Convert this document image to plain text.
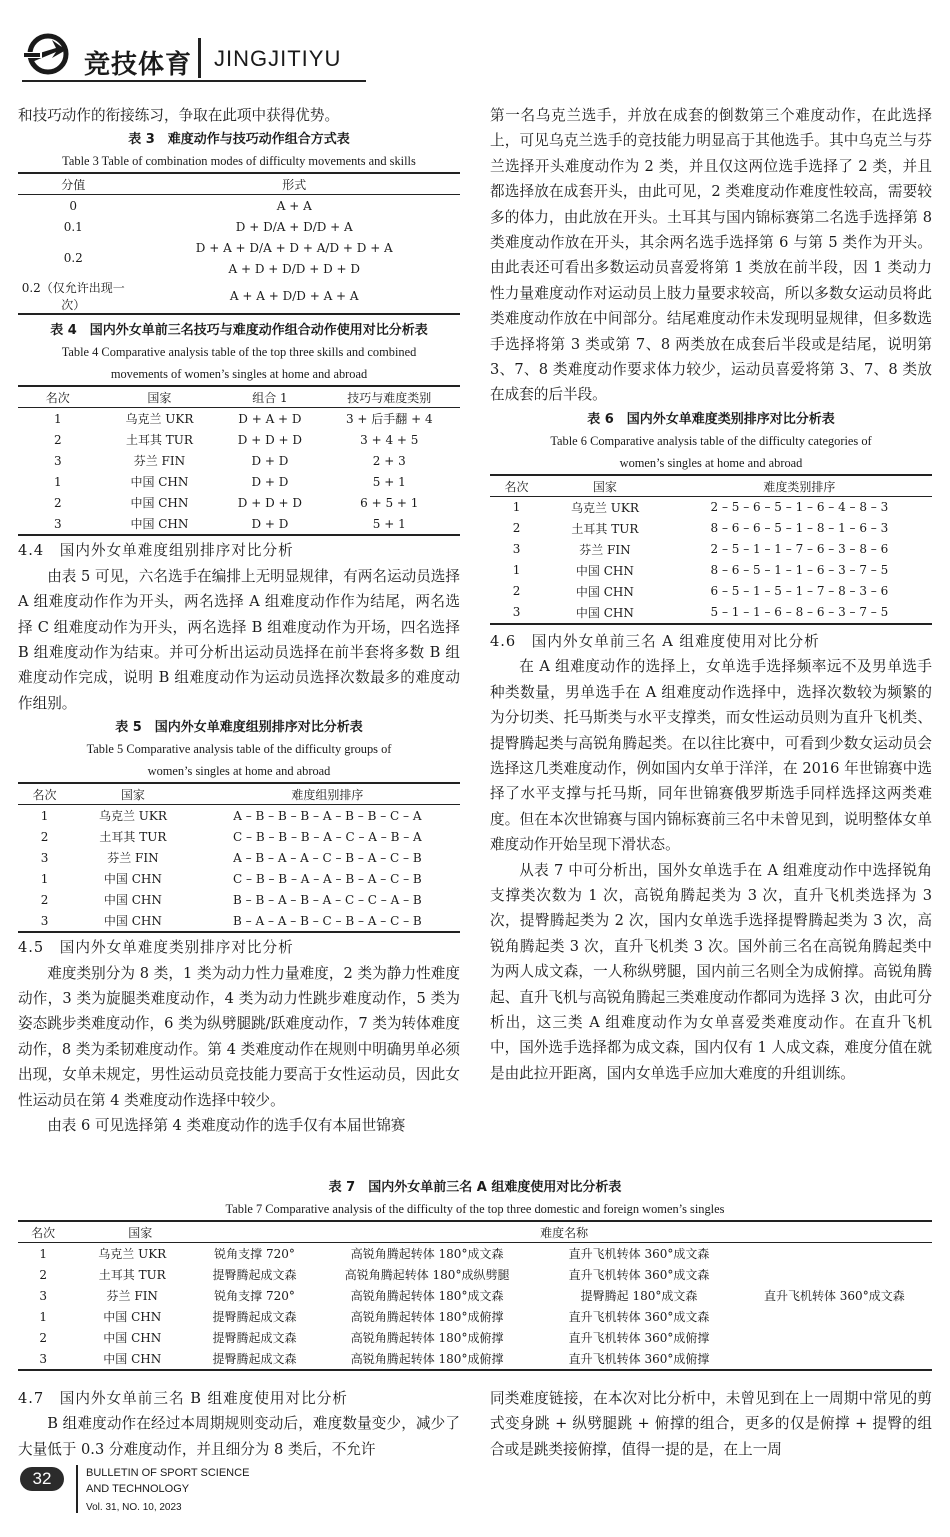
竞技体育 JINGJITIYU

和技巧动作的衔接练习，争取在此项中获得优势。

表 3　难度动作与技巧动作组合方式表

Table 3 Table of combination modes of difficulty movements and skills

分值	形式
0	A + A
0.1	D + D/A + D/D + A
0.2	D + A + D/A + D + A/D + D + A
	A + D + D/D + D + D
0.2（仅允许出现一次）	A + A + D/D + A + A

表 4　国内外女单前三名技巧与难度动作组合动作使用对比分析表

Table 4 Comparative analysis table of the top three skills and combined

movements of women’s singles at home and abroad

名次	国家	组合 1	技巧与难度类别
1	乌克兰 UKR	D + A + D	3 + 后手翻 + 4
2	土耳其 TUR	D + D + D	3 + 4 + 5
3	芬兰 FIN	D + D	2 + 3
1	中国 CHN	D + D	5 + 1
2	中国 CHN	D + D + D	6 + 5 + 1
3	中国 CHN	D + D	5 + 1

4.4　国内外女单难度组别排序对比分析

由表 5 可见，六名选手在编排上无明显规律，有两名运动员选择 A 组难度动作作为开头，两名选择 A 组难度动作作为结尾，两名选择 C 组难度动作为开头，两名选择 B 组难度动作为开场，四名选择 B 组难度动作为结束。并可分析出运动员选择在前半套将多数 B 组难度动作完成，说明 B 组难度动作为运动员选择次数最多的难度动作组别。

表 5　国内外女单难度组别排序对比分析表

Table 5 Comparative analysis table of the difficulty groups of

women’s singles at home and abroad

名次	国家	难度组别排序
1	乌克兰 UKR	A – B – B – B – A – B – B – C – A
2	土耳其 TUR	C – B – B – B – A – C – A – B – A
3	芬兰 FIN	A – B – A – A – C – B – A – C – B
1	中国 CHN	C – B – B – A – A – B – A – C – B
2	中国 CHN	B – B – A – B – A – C – C – A – B
3	中国 CHN	B – A – A – B – C – B – A – C – B

4.5　国内外女单难度类别排序对比分析

难度类别分为 8 类，1 类为动力性力量难度，2 类为静力性难度动作，3 类为旋腿类难度动作，4 类为动力性跳步难度动作，5 类为姿态跳步类难度动作，6 类为纵劈腿跳/跃难度动作，7 类为转体难度动作，8 类为柔韧难度动作。第 4 类难度动作在规则中明确男单必须出现，女单未规定，男性运动员竞技能力要高于女性运动员，因此女性运动员在第 4 类难度动作选择中较少。

由表 6 可见选择第 4 类难度动作的选手仅有本届世锦赛

第一名乌克兰选手，并放在成套的倒数第三个难度动作，在此选择上，可见乌克兰选手的竞技能力明显高于其他选手。其中乌克兰与芬兰选择开头难度动作为 2 类，并且仅这两位选手选择了 2 类，并且都选择放在成套开头，由此可见，2 类难度动作难度性较高，需要较多的体力，由此放在开头。土耳其与国内锦标赛第二名选手选择第 8 类难度动作放在开头，其余两名选手选择第 6 与第 5 类作为开头。由此表还可看出多数运动员喜爱将第 1 类放在前半段，因 1 类动力性力量难度动作对运动员上肢力量要求较高，所以多数女运动员将此类难度动作放在中间部分。结尾难度动作未发现明显规律，但多数选手选择将第 3 类或第 7、8 两类放在成套后半段或是结尾，说明第 3、7、8 类难度动作要求体力较少，运动员喜爱将第 3、7、8 类放在成套的后半段。

表 6　国内外女单难度类别排序对比分析表

Table 6 Comparative analysis table of the difficulty categories of

women’s singles at home and abroad

名次	国家	难度类别排序
1	乌克兰 UKR	2 – 5 – 6 – 5 – 1 – 6 – 4 – 8 – 3
2	土耳其 TUR	8 – 6 – 6 – 5 – 1 – 8 – 1 – 6 – 3
3	芬兰 FIN	2 – 5 – 1 – 1 – 7 – 6 – 3 – 8 – 6
1	中国 CHN	8 – 6 – 5 – 1 – 1 – 6 – 3 – 7 – 5
2	中国 CHN	6 – 5 – 1 – 5 – 1 – 7 – 8 – 3 – 6
3	中国 CHN	5 – 1 – 1 – 6 – 8 – 6 – 3 – 7 – 5

4.6　国内外女单前三名 A 组难度使用对比分析

在 A 组难度动作的选择上，女单选手选择频率远不及男单选手种类数量，男单选手在 A 组难度动作选择中，选择次数较为频繁的为分切类、托马斯类与水平支撑类，而女性运动员则为直升飞机类、提臀腾起类与高锐角腾起类。在以往比赛中，可看到少数女运动员会选择这几类难度动作，例如国内女单于洋洋，在 2016 年世锦赛中选择了水平支撑与托马斯，同年世锦赛俄罗斯选手同样选择这两类难度。但在本次世锦赛与国内锦标赛前三名中未曾见到，说明整体女单难度动作开始呈现下滑状态。

从表 7 中可分析出，国外女单选手在 A 组难度动作中选择锐角支撑类次数为 1 次，高锐角腾起类为 3 次，直升飞机类选择为 3 次，提臀腾起类为 2 次，国内女单选手选择提臀腾起类为 3 次，高锐角腾起类 3 次，直升飞机类 3 次。国外前三名在高锐角腾起类中为两人成文森，一人称纵劈腿，国内前三名则全为成俯撑。高锐角腾起、直升飞机与高锐角腾起三类难度动作都同为选择 3 次，由此可分析出，这三类 A 组难度动作为女单喜爱类难度动作。在直升飞机中，国外选手选择都为成文森，国内仅有 1 人成文森，难度分值在就是由此拉开距离，国内女单选手应加大难度的升组训练。

表 7　国内外女单前三名 A 组难度使用对比分析表

Table 7 Comparative analysis of the difficulty of the top three domestic and foreign women’s singles

名次	国家	难度名称			
1	乌克兰 UKR	锐角支撑 720°	高锐角腾起转体 180°成文森	直升飞机转体 360°成文森	
2	土耳其 TUR	提臀腾起成文森	高锐角腾起转体 180°成纵劈腿	直升飞机转体 360°成文森	
3	芬兰 FIN	锐角支撑 720°	高锐角腾起转体 180°成文森	提臀腾起 180°成文森	直升飞机转体 360°成文森
1	中国 CHN	提臀腾起成文森	高锐角腾起转体 180°成俯撑	直升飞机转体 360°成文森	
2	中国 CHN	提臀腾起成文森	高锐角腾起转体 180°成俯撑	直升飞机转体 360°成俯撑	
3	中国 CHN	提臀腾起成文森	高锐角腾起转体 180°成俯撑	直升飞机转体 360°成俯撑	

4.7　国内外女单前三名 B 组难度使用对比分析

B 组难度动作在经过本周期规则变动后，难度数量变少，减少了大量低于 0.3 分难度动作，并且细分为 8 类后，不允许

同类难度链接，在本次对比分析中，未曾见到在上一周期中常见的剪式变身跳 + 纵劈腿跳 + 俯撑的组合，更多的仅是俯撑 + 提臀的组合或是跳类接俯撑，值得一提的是，在上一周

32	BULLETIN OF SPORT SCIENCE
AND TECHNOLOGY
Vol. 31, NO. 10, 2023
